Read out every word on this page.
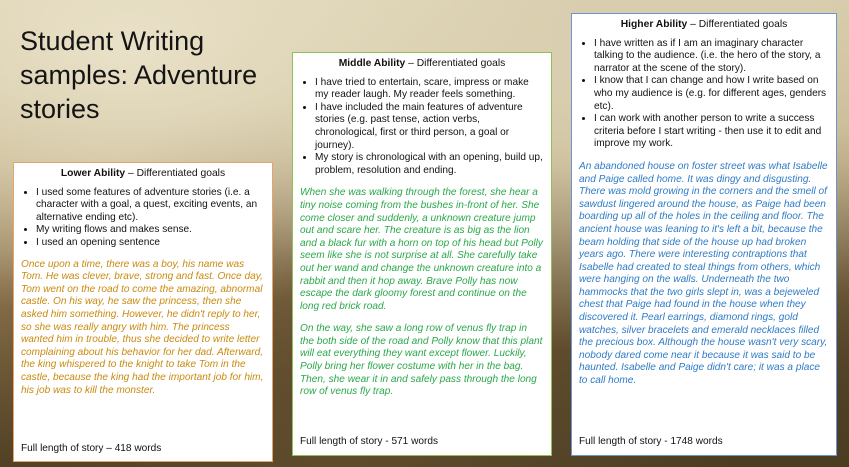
Student Writing samples: Adventure stories
Lower Ability – Differentiated goals
• I used some features of adventure stories (i.e. a character with a goal, a quest, exciting events, an alternative ending etc).
• My writing flows and makes sense.
• I used an opening sentence

Once upon a time, there was a boy, his name was Tom. He was clever, brave, strong and fast. Once day, Tom went on the road to come the amazing, abnormal castle. On his way, he saw the princess, then she asked him something. However, he didn't reply to her, so she was really angry with him. The princess wanted him in trouble, thus she decided to write letter complaining about his behavior for her dad. Afterward, the king whispered to the knight to take Tom in the castle, because the king had the important job for him, his job was to kill the monster.

Full length of story – 418 words
Middle Ability – Differentiated goals
• I have tried to entertain, scare, impress or make my reader laugh. My reader feels something.
• I have included the main features of adventure stories (e.g. past tense, action verbs, chronological, first or third person, a goal or journey).
• My story is chronological with an opening, build up, problem, resolution and ending.

When she was walking through the forest, she hear a tiny noise coming from the bushes in-front of her. She come closer and suddenly, a unknown creature jump out and scare her. The creature is as big as the lion and a black fur with a horn on top of his head but Polly seem like she is not surprise at all. She carefully take out her wand and change the unknown creature into a rabbit and then it hop away. Brave Polly has now escape the dark gloomy forest and continue on the long red brick road.

On the way, she saw a long row of venus fly trap in the both side of the road and Polly know that this plant will eat everything they want except flower. Luckily, Polly bring her flower costume with her in the bag. Then, she wear it in and safely pass through the long row of venus fly trap.

Full length of story - 571 words
Higher Ability – Differentiated goals
• I have written as if I am an imaginary character talking to the audience. (i.e. the hero of the story, a narrator at the scene of the story).
• I know that I can change and how I write based on who my audience is (e.g. for different ages, genders etc).
• I can work with another person to write a success criteria before I start writing - then use it to edit and improve my work.

An abandoned house on foster street was what Isabelle and Paige called home. It was dingy and disgusting. There was mold growing in the corners and the smell of sawdust lingered around the house, as Paige had been boarding up all of the holes in the ceiling and floor. The ancient house was leaning to it's left a bit, because the beam holding that side of the house up had broken years ago. There were interesting contraptions that Isabelle had created to steal things from others, which were hanging on the walls. Underneath the two hammocks that the two girls slept in, was a bejeweled chest that Paige had found in the house when they discovered it. Pearl earrings, diamond rings, gold watches, silver bracelets and emerald necklaces filled the precious box. Although the house wasn't very scary, nobody dared come near it because it was said to be haunted. Isabelle and Paige didn't care; it was a place to call home.

Full length of story - 1748 words
